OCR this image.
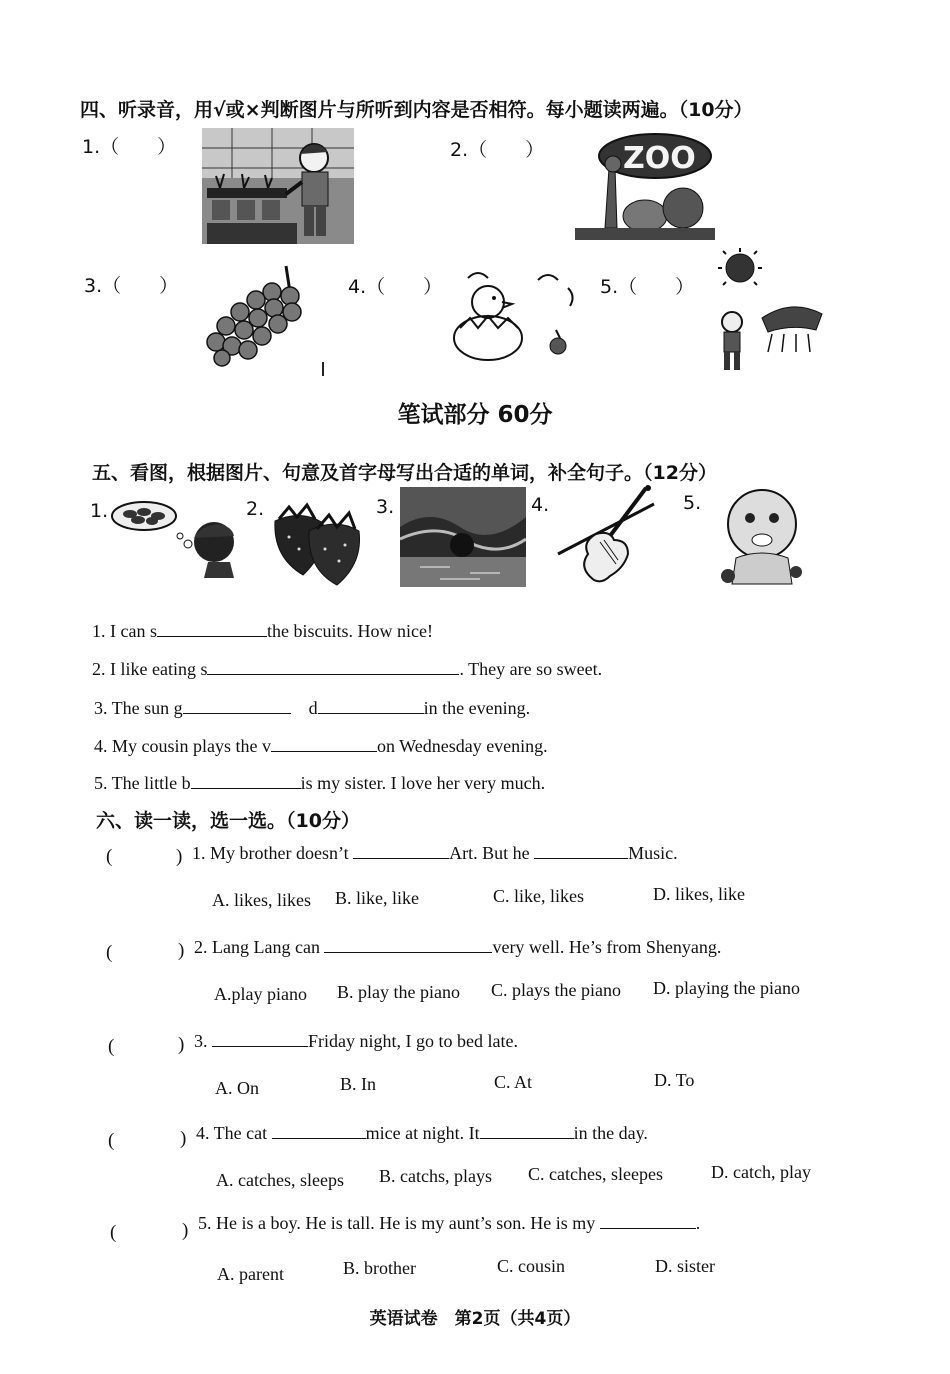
四、听录音，用√或×判断图片与所听到内容是否相符。每小题读两遍。（10分）
1.（　　）	2.（　　）
3.（　　）	4.（　　）	5.（　　）
ZOO
笔试部分 60分
五、看图，根据图片、句意及首字母写出合适的单词，补全句子。（12分）
1.	2.	3.	4.	5.
1. I can s	the biscuits. How nice!
2. I like eating s	. They are so sweet.
3. The sun g	d	in the evening.
4. My cousin plays the v	on Wednesday evening.
5. The little b	is my sister. I love her very much.
六、读一读，选一选。（10分）
(	) 1. My brother doesn’t	Art. But he	Music.
A. likes, likes B. like, like	C. like, likes	D. likes, like
(	) 2. Lang Lang can	very well. He’s from Shenyang.
A.play piano B. play the piano C. plays the piano D. playing the piano
(	) 3.	Friday night, I go to bed late.
A. On	B. In	C. At	D. To
(	) 4. The cat	mice at night. It	in the day.
A. catches, sleeps B. catchs, plays C. catches, sleepes	D. catch, play
(	) 5. He is a boy. He is tall. He is my aunt’s son. He is my	.
A. parent	B. brother	C. cousin	D. sister
英语试卷　第2页（共4页）
